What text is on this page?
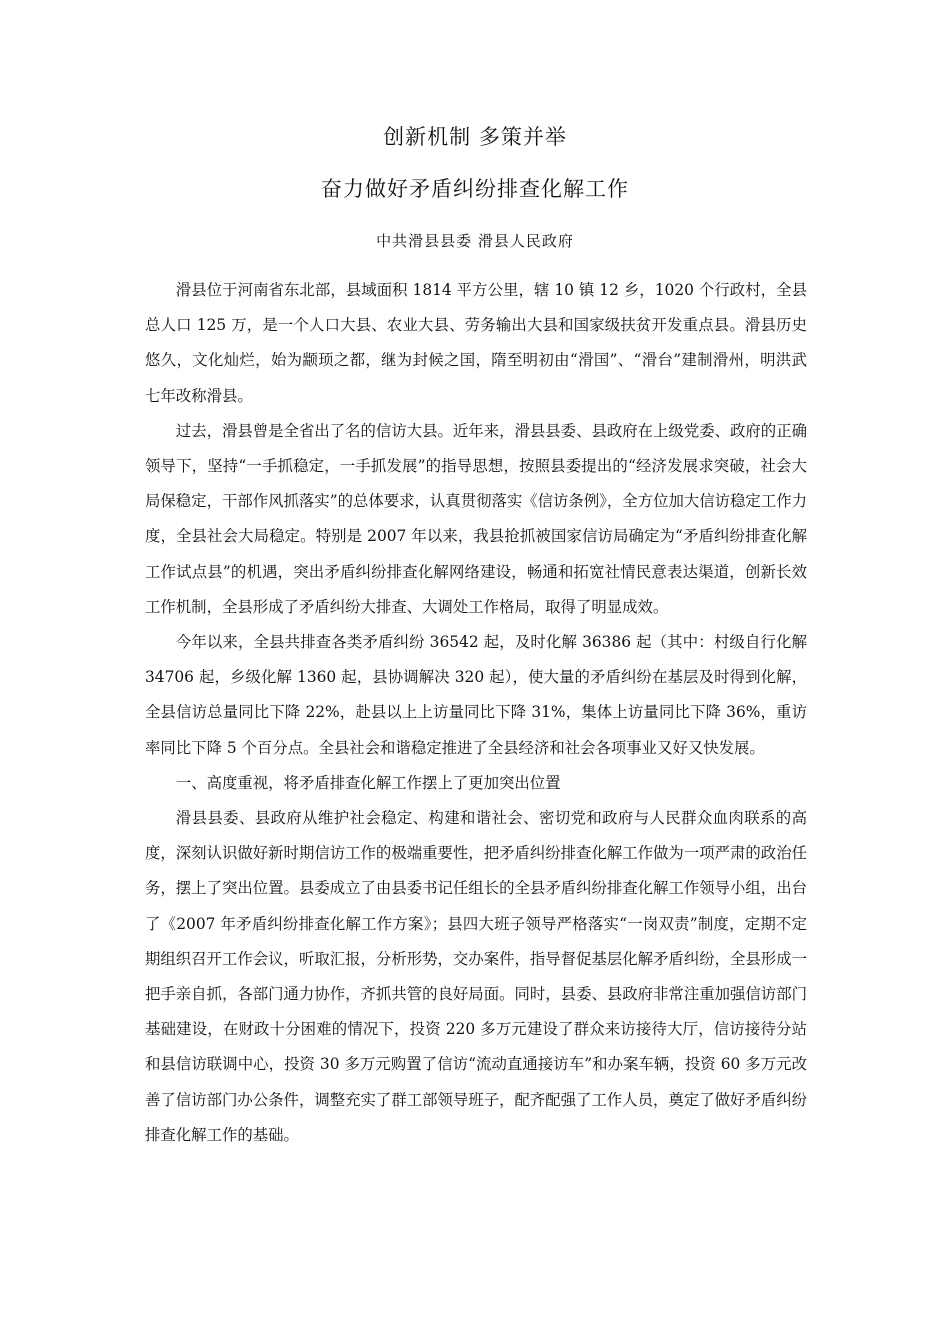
创新机制 多策并举
奋力做好矛盾纠纷排查化解工作
中共滑县县委 滑县人民政府

滑县位于河南省东北部，县域面积 1814 平方公里，辖 10 镇 12 乡，1020 个行政村，全县总人口 125 万，是一个人口大县、农业大县、劳务输出大县和国家级扶贫开发重点县。滑县历史悠久，文化灿烂，始为颛顼之都，继为封候之国，隋至明初由“滑国”、“滑台”建制滑州，明洪武七年改称滑县。

过去，滑县曾是全省出了名的信访大县。近年来，滑县县委、县政府在上级党委、政府的正确领导下，坚持“一手抓稳定，一手抓发展”的指导思想，按照县委提出的“经济发展求突破，社会大局保稳定，干部作风抓落实”的总体要求，认真贯彻落实《信访条例》，全方位加大信访稳定工作力度，全县社会大局稳定。特别是 2007 年以来，我县抢抓被国家信访局确定为“矛盾纠纷排查化解工作试点县”的机遇，突出矛盾纠纷排查化解网络建设，畅通和拓宽社情民意表达渠道，创新长效工作机制，全县形成了矛盾纠纷大排查、大调处工作格局，取得了明显成效。

今年以来，全县共排查各类矛盾纠纷 36542 起，及时化解 36386 起（其中：村级自行化解 34706 起，乡级化解 1360 起，县协调解决 320 起），使大量的矛盾纠纷在基层及时得到化解，全县信访总量同比下降 22%，赴县以上上访量同比下降 31%，集体上访量同比下降 36%，重访率同比下降 5 个百分点。全县社会和谐稳定推进了全县经济和社会各项事业又好又快发展。

一、高度重视，将矛盾排查化解工作摆上了更加突出位置

滑县县委、县政府从维护社会稳定、构建和谐社会、密切党和政府与人民群众血肉联系的高度，深刻认识做好新时期信访工作的极端重要性，把矛盾纠纷排查化解工作做为一项严肃的政治任务，摆上了突出位置。县委成立了由县委书记任组长的全县矛盾纠纷排查化解工作领导小组，出台了《2007 年矛盾纠纷排查化解工作方案》；县四大班子领导严格落实“一岗双责”制度，定期不定期组织召开工作会议，听取汇报，分析形势，交办案件，指导督促基层化解矛盾纠纷，全县形成一把手亲自抓，各部门通力协作，齐抓共管的良好局面。同时，县委、县政府非常注重加强信访部门基础建设，在财政十分困难的情况下，投资 220 多万元建设了群众来访接待大厅，信访接待分站和县信访联调中心，投资 30 多万元购置了信访“流动直通接访车”和办案车辆，投资 60 多万元改善了信访部门办公条件，调整充实了群工部领导班子，配齐配强了工作人员，奠定了做好矛盾纠纷排查化解工作的基础。
